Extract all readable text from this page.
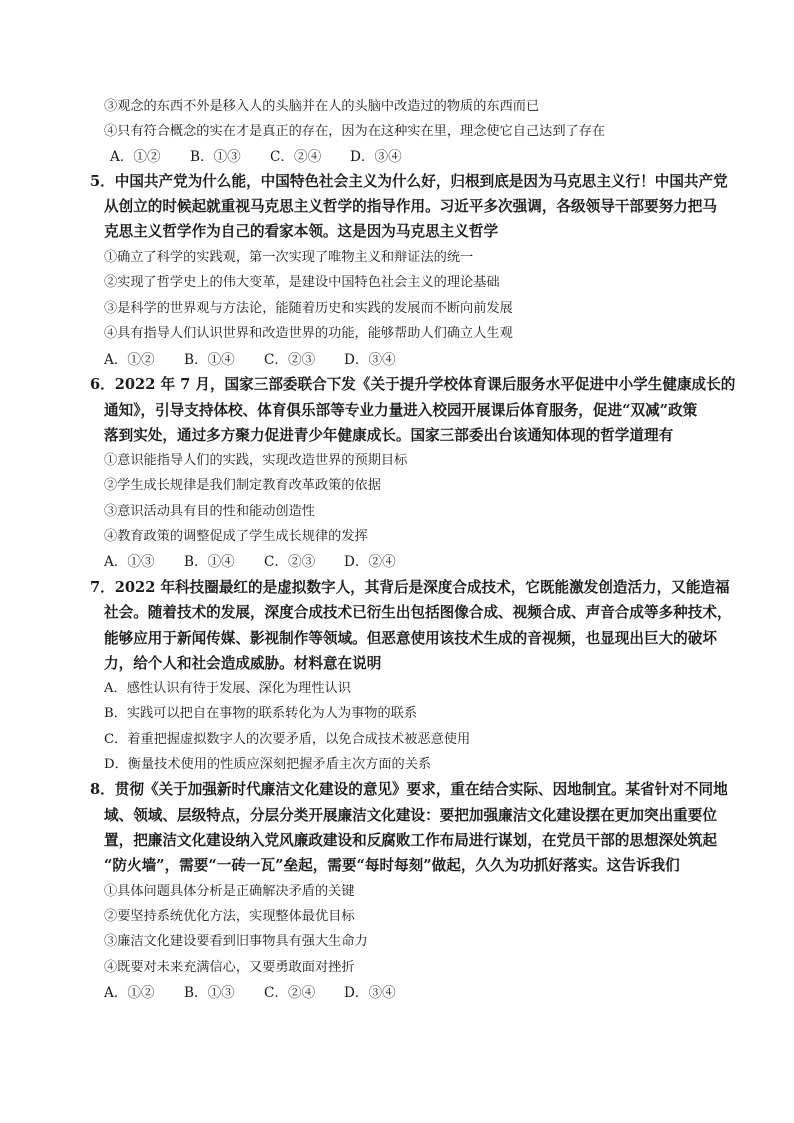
③观念的东西不外是移入人的头脑并在人的头脑中改造过的物质的东西而已
④只有符合概念的实在才是真正的存在，因为在这种实在里，理念使它自己达到了存在
A．①② B．①③ C．②④ D．③④
5．中国共产党为什么能，中国特色社会主义为什么好，归根到底是因为马克思主义行！中国共产党
从创立的时候起就重视马克思主义哲学的指导作用。习近平多次强调，各级领导干部要努力把马
克思主义哲学作为自己的看家本领。这是因为马克思主义哲学
①确立了科学的实践观，第一次实现了唯物主义和辩证法的统一
②实现了哲学史上的伟大变革，是建设中国特色社会主义的理论基础
③是科学的世界观与方法论，能随着历史和实践的发展而不断向前发展
④具有指导人们认识世界和改造世界的功能，能够帮助人们确立人生观
A．①② B．①④ C．②③ D．③④
6．2022 年 7 月，国家三部委联合下发《关于提升学校体育课后服务水平促进中小学生健康成长的
通知》，引导支持体校、体育俱乐部等专业力量进入校园开展课后体育服务，促进“双减”政策
落到实处，通过多方聚力促进青少年健康成长。国家三部委出台该通知体现的哲学道理有
①意识能指导人们的实践，实现改造世界的预期目标
②学生成长规律是我们制定教育改革政策的依据
③意识活动具有目的性和能动创造性
④教育政策的调整促成了学生成长规律的发挥
A．①③ B．①④ C．②③ D．②④
7．2022 年科技圈最红的是虚拟数字人，其背后是深度合成技术，它既能激发创造活力，又能造福
社会。随着技术的发展，深度合成技术已衍生出包括图像合成、视频合成、声音合成等多种技术，
能够应用于新闻传媒、影视制作等领域。但恶意使用该技术生成的音视频，也显现出巨大的破坏
力，给个人和社会造成威胁。材料意在说明
A．感性认识有待于发展、深化为理性认识
B．实践可以把自在事物的联系转化为人为事物的联系
C．着重把握虚拟数字人的次要矛盾，以免合成技术被恶意使用
D．衡量技术使用的性质应深刻把握矛盾主次方面的关系
8．贯彻《关于加强新时代廉洁文化建设的意见》要求，重在结合实际、因地制宜。某省针对不同地
域、领域、层级特点，分层分类开展廉洁文化建设：要把加强廉洁文化建设摆在更加突出重要位
置，把廉洁文化建设纳入党风廉政建设和反腐败工作布局进行谋划，在党员干部的思想深处筑起
“防火墙”，需要“一砖一瓦”垒起，需要“每时每刻”做起，久久为功抓好落实。这告诉我们
①具体问题具体分析是正确解决矛盾的关键
②要坚持系统优化方法，实现整体最优目标
③廉洁文化建设要看到旧事物具有强大生命力
④既要对未来充满信心，又要勇敢面对挫折
A．①② B．①③ C．②④ D．③④
